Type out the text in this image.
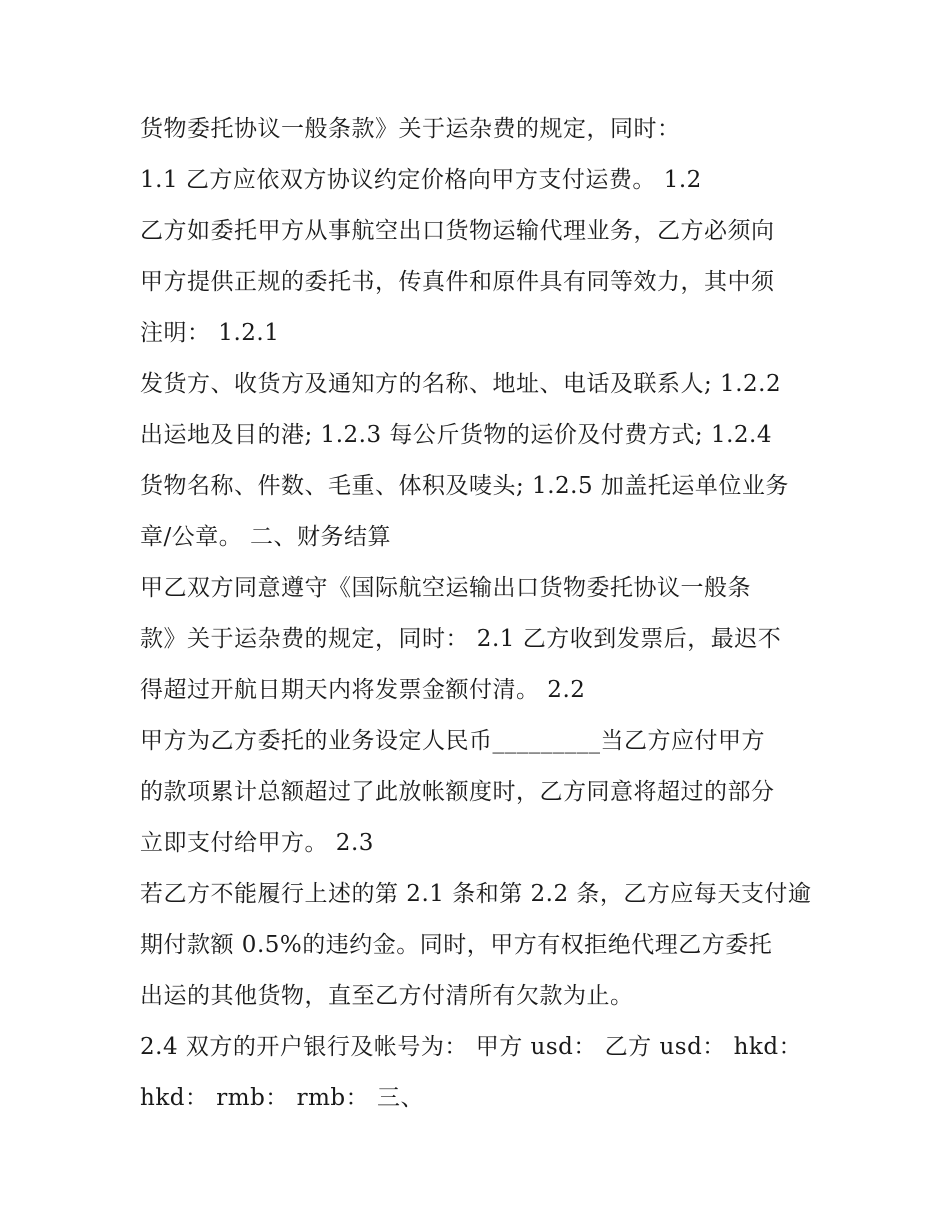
货物委托协议一般条款》关于运杂费的规定，同时：
1.1 乙方应依双方协议约定价格向甲方支付运费。 1.2
乙方如委托甲方从事航空出口货物运输代理业务，乙方必须向
甲方提供正规的委托书，传真件和原件具有同等效力，其中须
注明： 1.2.1
发货方、收货方及通知方的名称、地址、电话及联系人; 1.2.2
出运地及目的港; 1.2.3 每公斤货物的运价及付费方式; 1.2.4
货物名称、件数、毛重、体积及唛头; 1.2.5 加盖托运单位业务
章/公章。 二、财务结算
甲乙双方同意遵守《国际航空运输出口货物委托协议一般条
款》关于运杂费的规定，同时： 2.1 乙方收到发票后，最迟不
得超过开航日期天内将发票金额付清。 2.2
甲方为乙方委托的业务设定人民币_________当乙方应付甲方
的款项累计总额超过了此放帐额度时，乙方同意将超过的部分
立即支付给甲方。 2.3
若乙方不能履行上述的第 2.1 条和第 2.2 条，乙方应每天支付逾
期付款额 0.5%的违约金。同时，甲方有权拒绝代理乙方委托
出运的其他货物，直至乙方付清所有欠款为止。
2.4 双方的开户银行及帐号为： 甲方 usd： 乙方 usd： hkd：
hkd： rmb： rmb： 三、
